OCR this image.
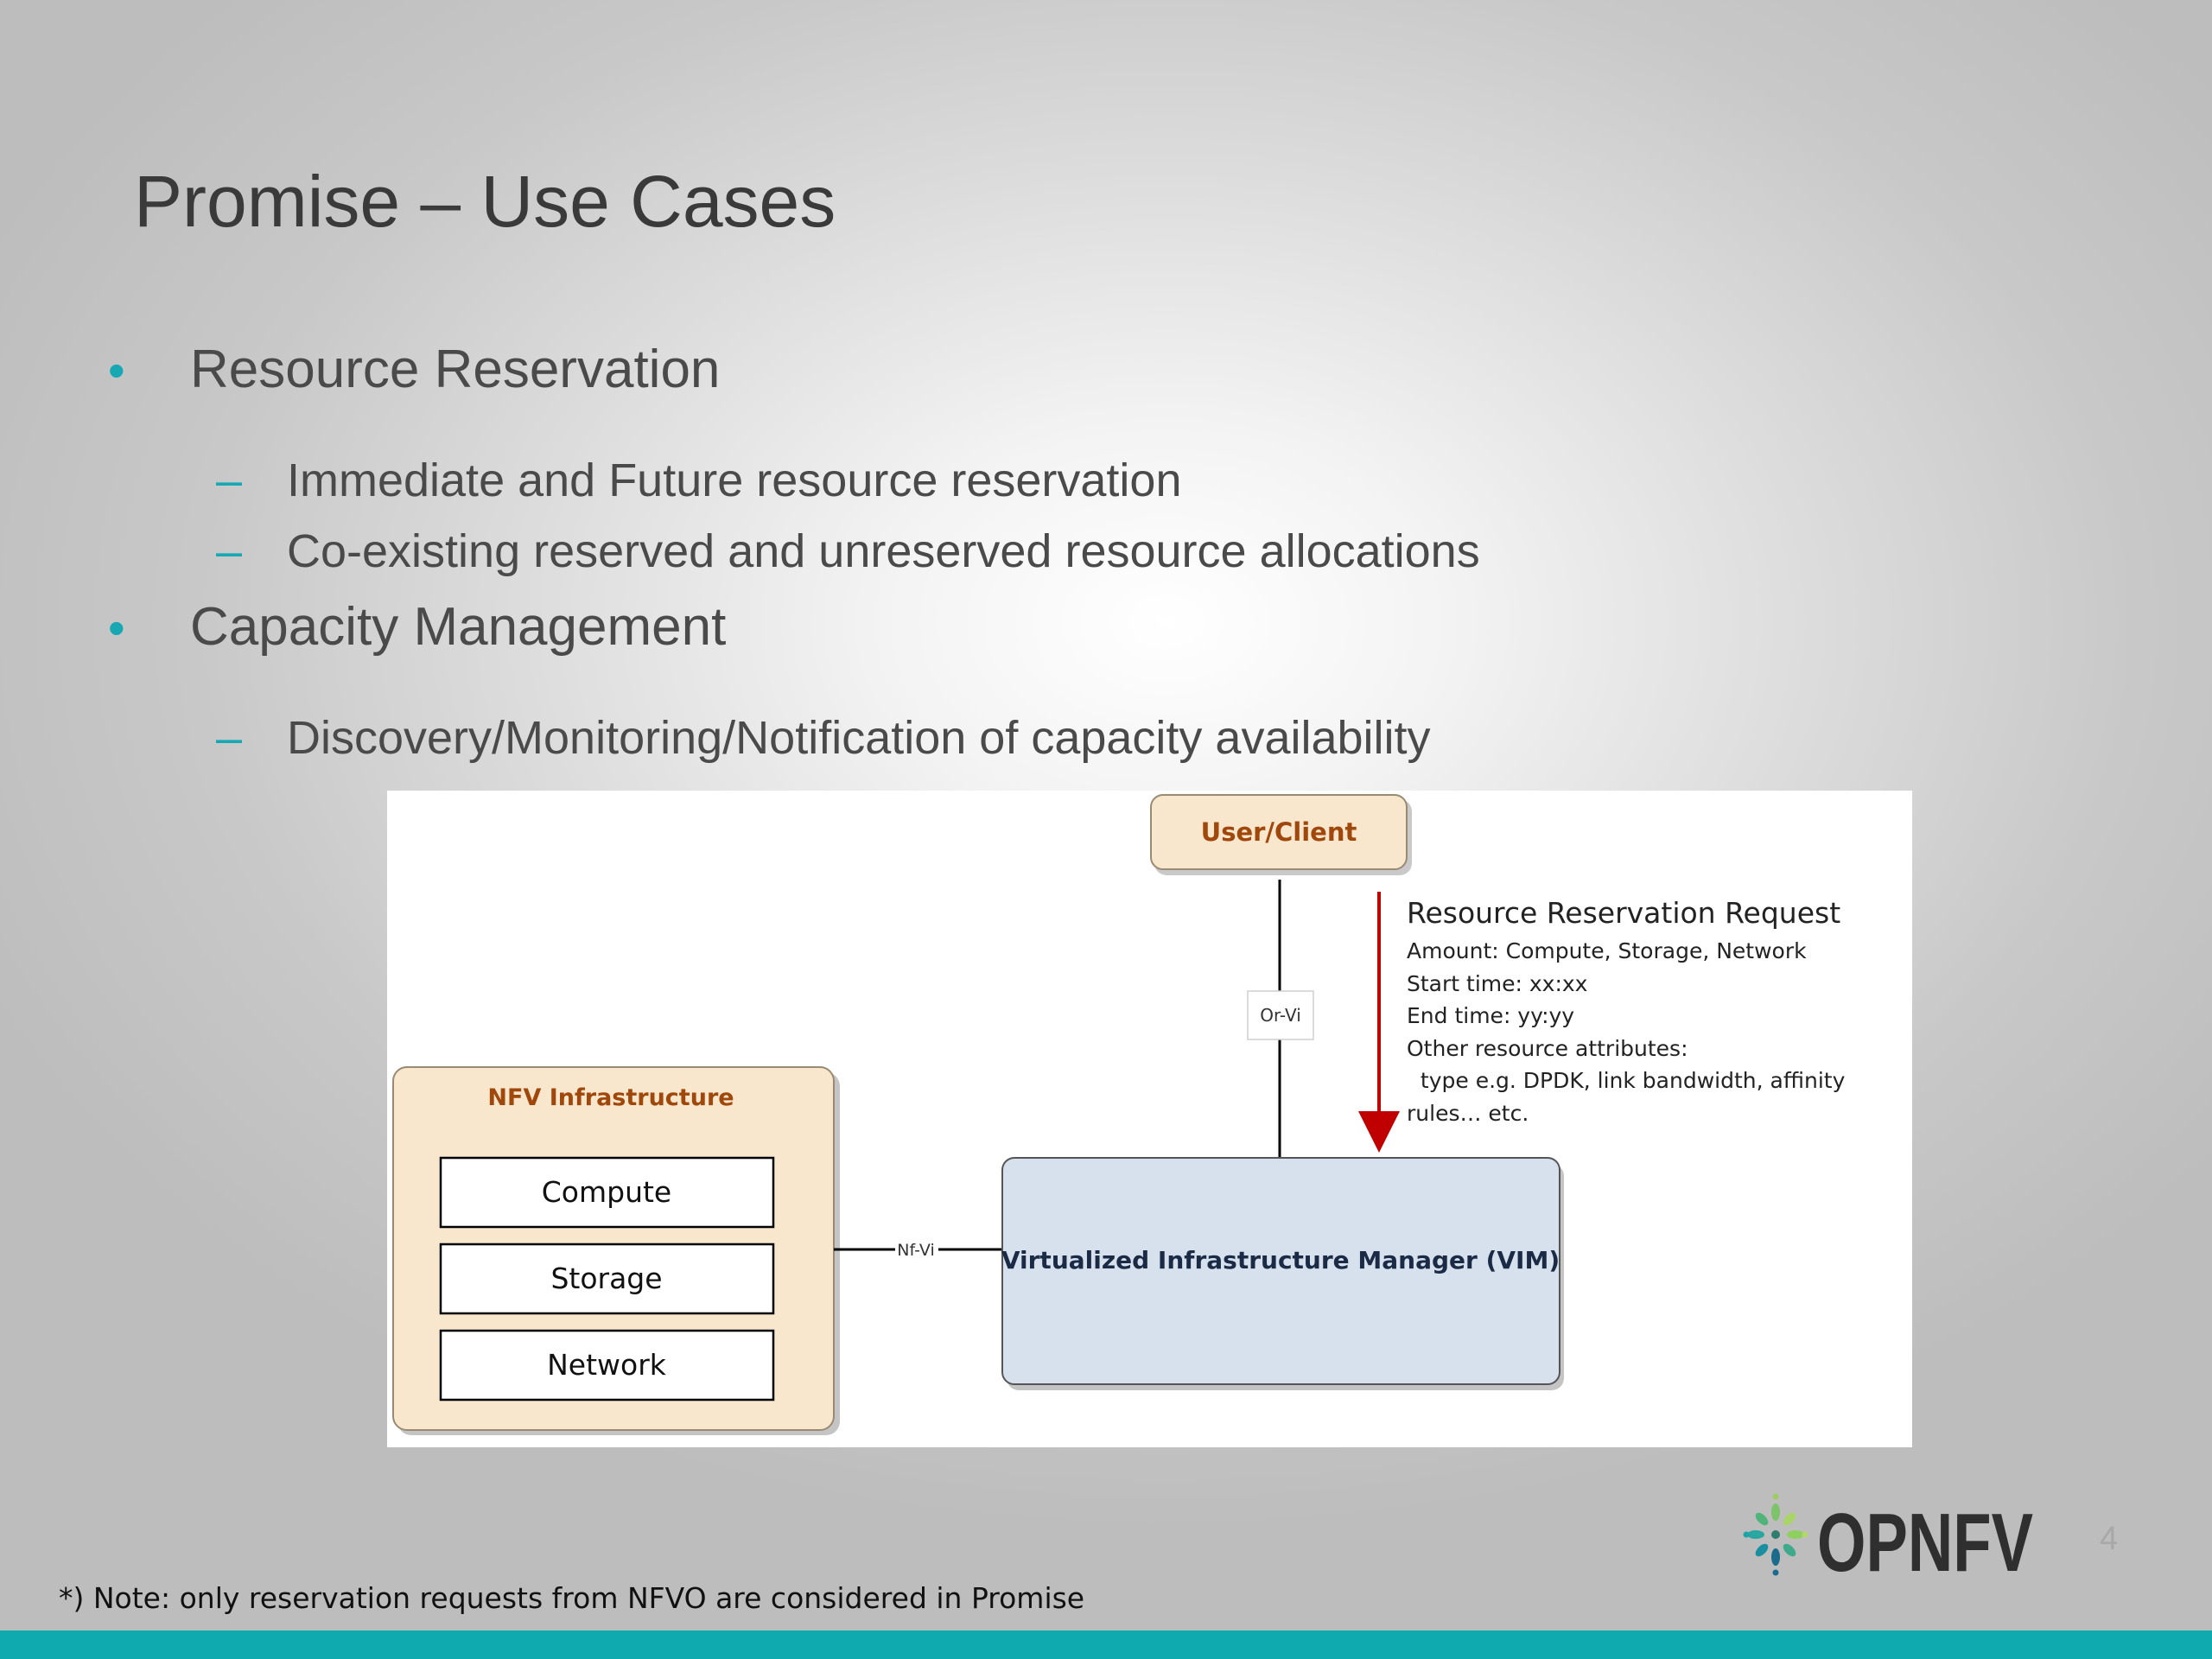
Promise – Use Cases
• Resource Reservation
– Immediate and Future resource reservation
– Co-existing reserved and unreserved resource allocations
• Capacity Management
– Discovery/Monitoring/Notification of capacity availability
User/Client
Or-Vi
Resource Reservation Request
Amount: Compute, Storage, Network
Start time: xx:xx
End time: yy:yy
Other resource attributes:
type e.g. DPDK, link bandwidth, affinity
rules… etc.
NFV Infrastructure
Compute
Storage
Network
Nf-Vi	Virtualized Infrastructure Manager (VIM)
OPNFV 4
*) Note: only reservation requests from NFVO are considered in Promise
